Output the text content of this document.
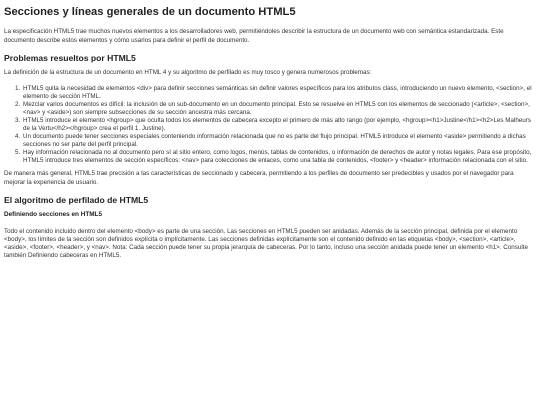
Secciones y líneas generales de un documento HTML5

La especificación HTML5 trae muchos nuevos elementos a los desarrolladores web, permitiéndoles describir la estructura de un documento web con semántica estandarizada. Este documento describe estos elementos y cómo usarlos para definir el perfil de documento.

Problemas resueltos por HTML5

La definición de la estructura de un documento en HTML 4 y su algoritmo de perfilado es muy tosco y genera numerosos problemas:

1. HTML5 quita la necesidad de elementos <div> para definir secciones semánticas sin definir valores específicos para los atributos class, introduciendo un nuevo elemento, <section>, el elemento de sección HTML.
2. Mezclar varios documentos es difícil: la inclusión de un sub-documento en un documento principal. Esto se resuelve en HTML5 con los elementos de seccionado (<article>, <section>, <nav> y <aside>) son siempre subsecciones de su sección ancestra más cercana.
3. HTML5 introduce el elemento <hgroup> que oculta todos los elementos de cabecera excepto el primero de más alto rango (por ejemplo, <hgroup><h1>Justine</h1><h2>Les Malheurs de la Vertu</h2></hgroup> crea el perfil 1. Justine).
4. Un documento puede tener secciones especiales conteniendo información relacionada que no es parte del flujo principal. HTML5 introduce el elemento <aside> permitiendo a dichas secciones no ser parte del perfil principal.
5. Hay información relacionada no al documento pero sí al sitio entero, como logos, menús, tablas de contenidos, o información de derechos de autor y notas legales. Para ese propósito, HTML5 introduce tres elementos de sección específicos: <nav> para colecciones de enlaces, como una tabla de contenidos, <footer> y <header> información relacionada con el sitio.

De manera más general, HTML5 trae precisión a las características de seccionado y cabecera, permitiendo a los perfiles de documento ser predecibles y usados por el navegador para mejorar la experiencia de usuario.

El algoritmo de perfilado de HTML5
Definiendo secciones en HTML5

Todo el contenido incluido dentro del elemento <body> es parte de una sección. Las secciones en HTML5 pueden ser anidadas. Además de la sección principal, definida por el elemento <body>, los límites de la sección son definidos explícita o implícitamente. Las secciones definidas explícitamente son el contenido definido en las etiquetas <body>, <section>, <article>, <aside>, <footer>, <header>, y <nav>. Nota: Cada sección puede tener su propia jerarquía de cabeceras. Por lo tanto, incluso una sección anidada puede tener un elemento <h1>. Consulte también Definiendo cabeceras en HTML5.
